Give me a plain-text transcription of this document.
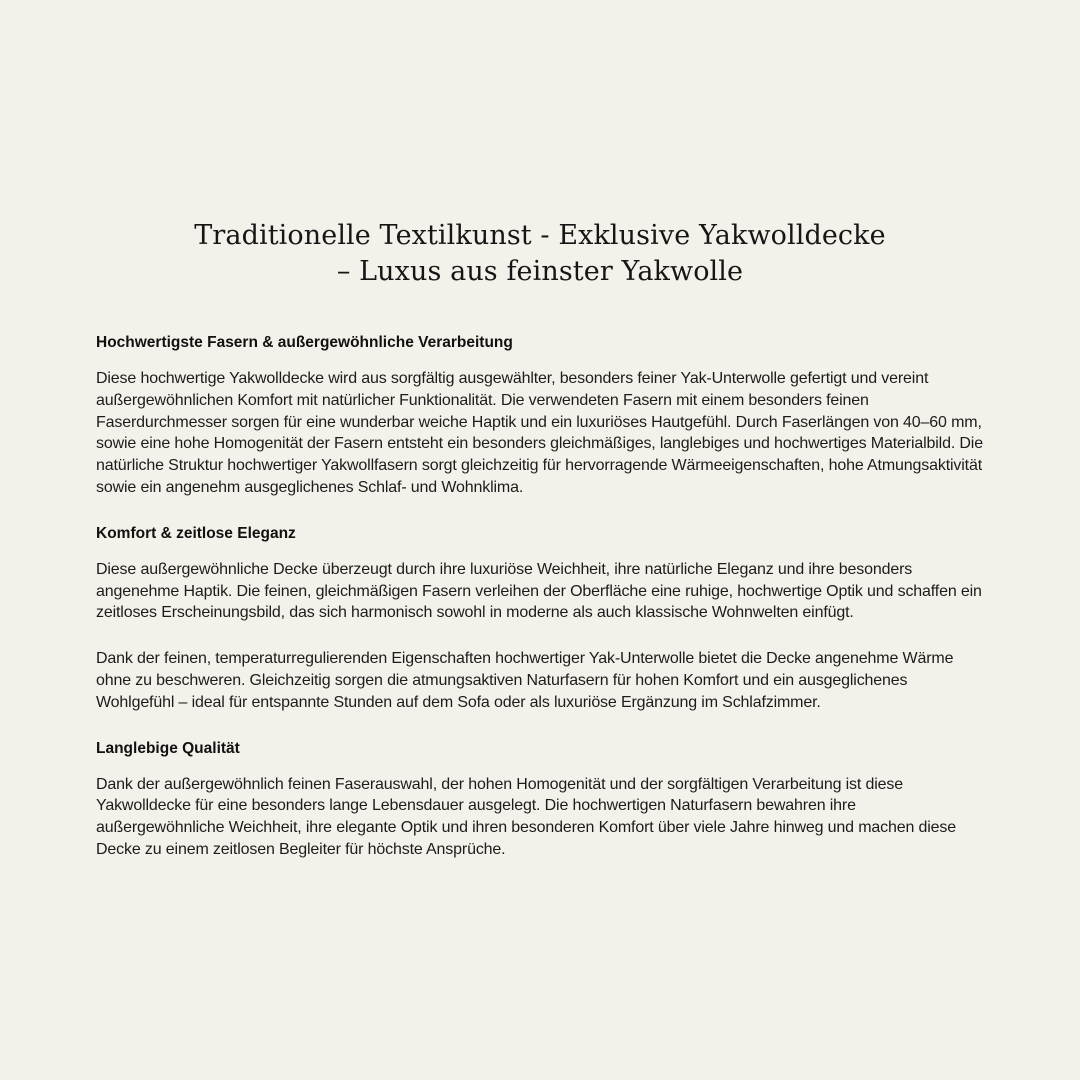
Traditionelle Textilkunst - Exklusive Yakwolldecke
– Luxus aus feinster Yakwolle
Hochwertigste Fasern & außergewöhnliche Verarbeitung

Diese hochwertige Yakwolldecke wird aus sorgfältig ausgewählter, besonders feiner Yak-Unterwolle gefertigt und vereint außergewöhnlichen Komfort mit natürlicher Funktionalität. Die verwendeten Fasern mit einem besonders feinen Faserdurchmesser sorgen für eine wunderbar weiche Haptik und ein luxuriöses Hautgefühl. Durch Faserlängen von 40–60 mm, sowie eine hohe Homogenität der Fasern entsteht ein besonders gleichmäßiges, langlebiges und hochwertiges Materialbild. Die natürliche Struktur hochwertiger Yakwollfasern sorgt gleichzeitig für hervorragende Wärmeeigenschaften, hohe Atmungsaktivität sowie ein angenehm ausgeglichenes Schlaf- und Wohnklima.

Komfort & zeitlose Eleganz

Diese außergewöhnliche Decke überzeugt durch ihre luxuriöse Weichheit, ihre natürliche Eleganz und ihre besonders angenehme Haptik. Die feinen, gleichmäßigen Fasern verleihen der Oberfläche eine ruhige, hochwertige Optik und schaffen ein zeitloses Erscheinungsbild, das sich harmonisch sowohl in moderne als auch klassische Wohnwelten einfügt.

Dank der feinen, temperaturregulierenden Eigenschaften hochwertiger Yak-Unterwolle bietet die Decke angenehme Wärme ohne zu beschweren. Gleichzeitig sorgen die atmungsaktiven Naturfasern für hohen Komfort und ein ausgeglichenes Wohlgefühl – ideal für entspannte Stunden auf dem Sofa oder als luxuriöse Ergänzung im Schlafzimmer.

Langlebige Qualität

Dank der außergewöhnlich feinen Faserauswahl, der hohen Homogenität und der sorgfältigen Verarbeitung ist diese Yakwolldecke für eine besonders lange Lebensdauer ausgelegt. Die hochwertigen Naturfasern bewahren ihre außergewöhnliche Weichheit, ihre elegante Optik und ihren besonderen Komfort über viele Jahre hinweg und machen diese Decke zu einem zeitlosen Begleiter für höchste Ansprüche.
